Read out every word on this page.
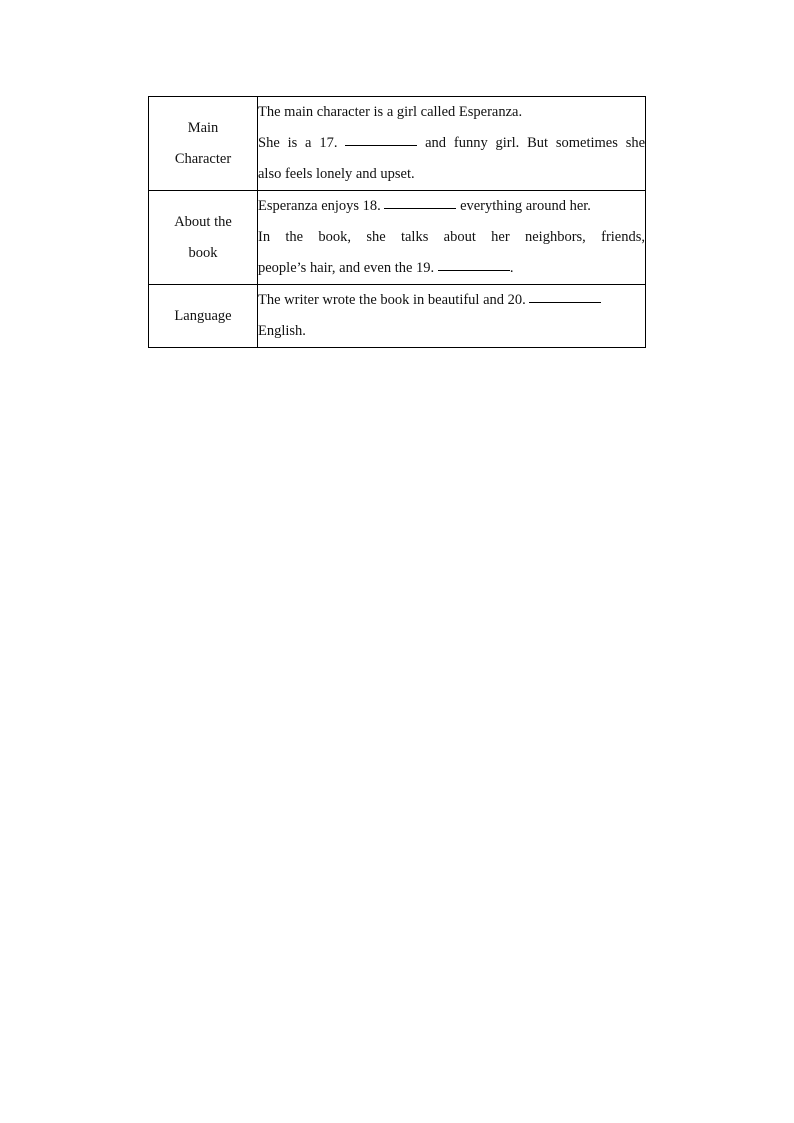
Main
Character	The main character is a girl called Esperanza.
She is a 17. and funny girl. But sometimes she
also feels lonely and upset.

About the
book	Esperanza enjoys 18. everything around her.
In the book, she talks about her neighbors, friends,
people’s hair, and even the 19. .

Language	The writer wrote the book in beautiful and 20.
English.
